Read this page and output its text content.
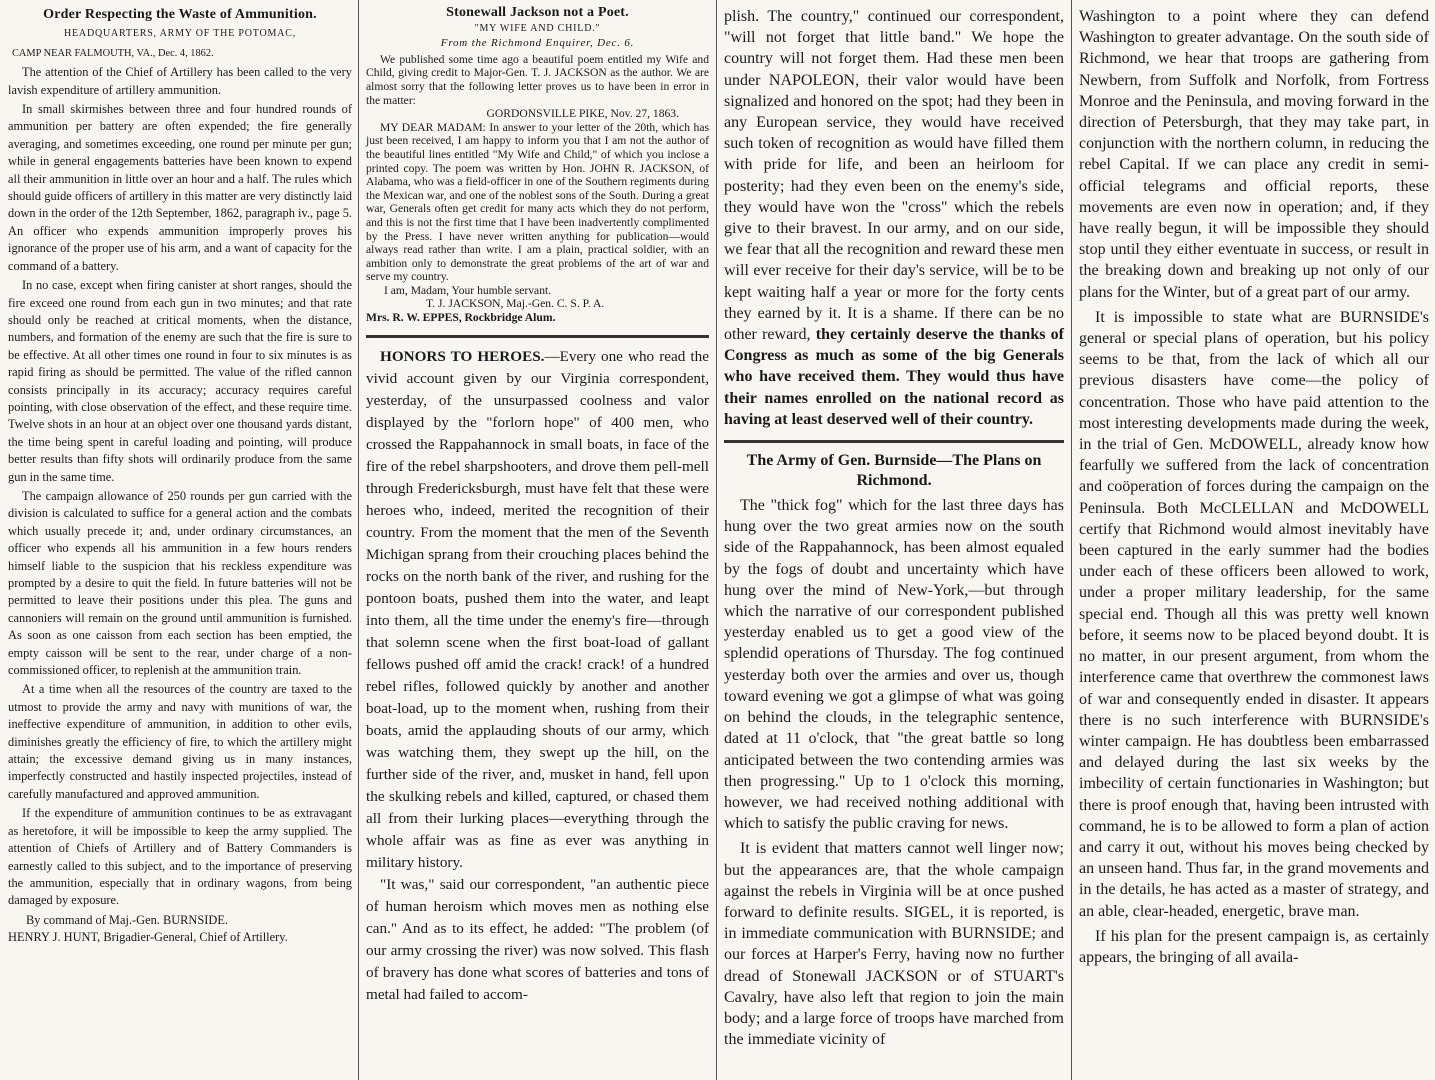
Order Respecting the Waste of Ammunition.
HEADQUARTERS, ARMY OF THE POTOMAC,
CAMP NEAR FALMOUTH, VA., Dec. 4, 1862.

The attention of the Chief of Artillery has been called to the very lavish expenditure of artillery ammunition.

In small skirmishes between three and four hundred rounds of ammunition per battery are often expended; the fire generally averaging, and sometimes exceeding, one round per minute per gun; while in general engagements batteries have been known to expend all their ammunition in little over an hour and a half. The rules which should guide officers of artillery in this matter are very distinctly laid down in the order of the 12th September, 1862, paragraph iv., page 5. An officer who expends ammunition improperly proves his ignorance of the proper use of his arm, and a want of capacity for the command of a battery.

In no case, except when firing canister at short ranges, should the fire exceed one round from each gun in two minutes; and that rate should only be reached at critical moments, when the distance, numbers, and formation of the enemy are such that the fire is sure to be effective. At all other times one round in four to six minutes is as rapid firing as should be permitted. The value of the rifled cannon consists principally in its accuracy; accuracy requires careful pointing, with close observation of the effect, and these require time. Twelve shots in an hour at an object over one thousand yards distant, the time being spent in careful loading and pointing, will produce better results than fifty shots will ordinarily produce from the same gun in the same time.

The campaign allowance of 250 rounds per gun carried with the division is calculated to suffice for a general action and the combats which usually precede it; and, under ordinary circumstances, an officer who expends all his ammunition in a few hours renders himself liable to the suspicion that his reckless expenditure was prompted by a desire to quit the field. In future batteries will not be permitted to leave their positions under this plea. The guns and cannoniers will remain on the ground until ammunition is furnished. As soon as one caisson from each section has been emptied, the empty caisson will be sent to the rear, under charge of a non-commissioned officer, to replenish at the ammunition train.

At a time when all the resources of the country are taxed to the utmost to provide the army and navy with munitions of war, the ineffective expenditure of ammunition, in addition to other evils, diminishes greatly the efficiency of fire, to which the artillery might attain; the excessive demand giving us in many instances, imperfectly constructed and hastily inspected projectiles, instead of carefully manufactured and approved ammunition.

If the expenditure of ammunition continues to be as extravagant as heretofore, it will be impossible to keep the army supplied. The attention of Chiefs of Artillery and of Battery Commanders is earnestly called to this subject, and to the importance of preserving the ammunition, especially that in ordinary wagons, from being damaged by exposure.

By command of Maj.-Gen. BURNSIDE.
HENRY J. HUNT, Brigadier-General, Chief of Artillery.
Stonewall Jackson not a Poet.
"MY WIFE AND CHILD."
From the Richmond Enquirer, Dec. 6.

We published some time ago a beautiful poem entitled my Wife and Child, giving credit to Major-Gen. T. J. JACKSON as the author. We are almost sorry that the following letter proves us to have been in error in the matter:

GORDONSVILLE PIKE, Nov. 27, 1863.

MY DEAR MADAM: In answer to your letter of the 20th, which has just been received, I am happy to inform you that I am not the author of the beautiful lines entitled "My Wife and Child," of which you inclose a printed copy. The poem was written by Hon. JOHN R. JACKSON, of Alabama, who was a field-officer in one of the Southern regiments during the Mexican war, and one of the noblest sons of the South. During a great war, Generals often get credit for many acts which they do not perform, and this is not the first time that I have been inadvertently complimented by the Press. I have never written anything for publication—would always read rather than write. I am a plain, practical soldier, with an ambition only to demonstrate the great problems of the art of war and serve my country.

I am, Madam, Your humble servant.
T. J. JACKSON, Maj.-Gen. C. S. P. A.
Mrs. R. W. EPPES, Rockbridge Alum.

HONORS TO HEROES.—Every one who read the vivid account given by our Virginia correspondent, yesterday, of the unsurpassed coolness and valor displayed by the "forlorn hope" of 400 men, who crossed the Rappahannock in small boats, in face of the fire of the rebel sharpshooters, and drove them pell-mell through Fredericksburgh, must have felt that these were heroes who, indeed, merited the recognition of their country. From the moment that the men of the Seventh Michigan sprang from their crouching places behind the rocks on the north bank of the river, and rushing for the pontoon boats, pushed them into the water, and leapt into them, all the time under the enemy's fire—through that solemn scene when the first boat-load of gallant fellows pushed off amid the crack! crack! of a hundred rebel rifles, followed quickly by another and another boat-load, up to the moment when, rushing from their boats, amid the applauding shouts of our army, which was watching them, they swept up the hill, on the further side of the river, and, musket in hand, fell upon the skulking rebels and killed, captured, or chased them all from their lurking places—everything through the whole affair was as fine as ever was anything in military history.

"It was," said our correspondent, "an authentic piece of human heroism which moves men as nothing else can." And as to its effect, he added: "The problem (of our army crossing the river) was now solved. This flash of bravery has done what scores of batteries and tons of metal had failed to accom-

plish. The country," continued our correspondent, "will not forget that little band." We hope the country will not forget them. Had these men been under NAPOLEON, their valor would have been signalized and honored on the spot; had they been in any European service, they would have received such token of recognition as would have filled them with pride for life, and been an heirloom for posterity; had they even been on the enemy's side, they would have won the "cross" which the rebels give to their bravest. In our army, and on our side, we fear that all the recognition and reward these men will ever receive for their day's service, will be to be kept waiting half a year or more for the forty cents they earned by it. It is a shame. If there can be no other reward, they certainly deserve the thanks of Congress as much as some of the big Generals who have received them. They would thus have their names enrolled on the national record as having at least deserved well of their country.

The Army of Gen. Burnside—The Plans on Richmond.

The "thick fog" which for the last three days has hung over the two great armies now on the south side of the Rappahannock, has been almost equaled by the fogs of doubt and uncertainty which have hung over the mind of New-York,—but through which the narrative of our correspondent published yesterday enabled us to get a good view of the splendid operations of Thursday. The fog continued yesterday both over the armies and over us, though toward evening we got a glimpse of what was going on behind the clouds, in the telegraphic sentence, dated at 11 o'clock, that "the great battle so long anticipated between the two contending armies was then progressing." Up to 1 o'clock this morning, however, we had received nothing additional with which to satisfy the public craving for news.

It is evident that matters cannot well linger now; but the appearances are, that the whole campaign against the rebels in Virginia will be at once pushed forward to definite results. SIGEL, it is reported, is in immediate communication with BURNSIDE; and our forces at Harper's Ferry, having now no further dread of Stonewall JACKSON or of STUART's Cavalry, have also left that region to join the main body; and a large force of troops have marched from the immediate vicinity of

Washington to a point where they can defend Washington to greater advantage. On the south side of Richmond, we hear that troops are gathering from Newbern, from Suffolk and Norfolk, from Fortress Monroe and the Peninsula, and moving forward in the direction of Petersburgh, that they may take part, in conjunction with the northern column, in reducing the rebel Capital. If we can place any credit in semi-official telegrams and official reports, these movements are even now in operation; and, if they have really begun, it will be impossible they should stop until they either eventuate in success, or result in the breaking down and breaking up not only of our plans for the Winter, but of a great part of our army.

It is impossible to state what are BURNSIDE's general or special plans of operation, but his policy seems to be that, from the lack of which all our previous disasters have come—the policy of concentration. Those who have paid attention to the most interesting developments made during the week, in the trial of Gen. McDOWELL, already know how fearfully we suffered from the lack of concentration and coöperation of forces during the campaign on the Peninsula. Both McCLELLAN and McDOWELL certify that Richmond would almost inevitably have been captured in the early summer had the bodies under each of these officers been allowed to work, under a proper military leadership, for the same special end. Though all this was pretty well known before, it seems now to be placed beyond doubt. It is no matter, in our present argument, from whom the interference came that overthrew the commonest laws of war and consequently ended in disaster. It appears there is no such interference with BURNSIDE's winter campaign. He has doubtless been embarrassed and delayed during the last six weeks by the imbecility of certain functionaries in Washington; but there is proof enough that, having been intrusted with command, he is to be allowed to form a plan of action and carry it out, without his moves being checked by an unseen hand. Thus far, in the grand movements and in the details, he has acted as a master of strategy, and an able, clear-headed, energetic, brave man.

If his plan for the present campaign is, as certainly appears, the bringing of all availa-
